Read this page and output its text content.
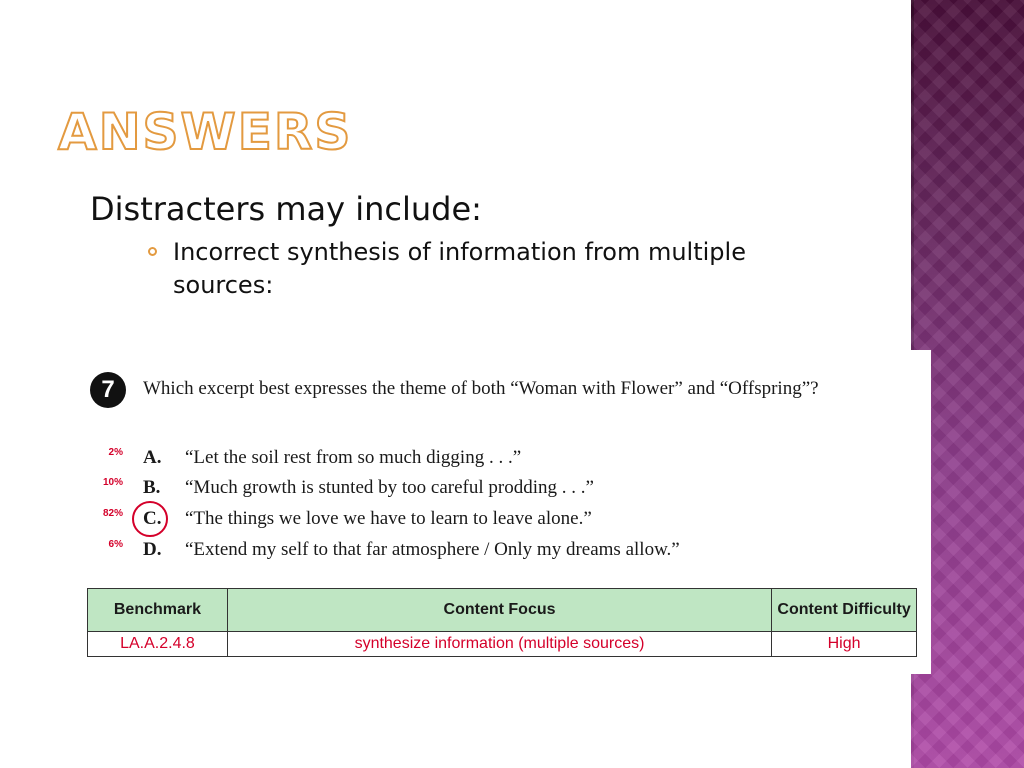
ANSWERS
Distracters may include:
Incorrect synthesis of information from multiple sources:
7	Which excerpt best expresses the theme of both “Woman with Flower” and “Offspring”?
2% A. “Let the soil rest from so much digging . . .”
10% B. “Much growth is stunted by too careful prodding . . .”
82% C. “The things we love we have to learn to leave alone.”
6% D. “Extend my self to that far atmosphere / Only my dreams allow.”
Benchmark	Content Focus	Content Difficulty
LA.A.2.4.8	synthesize information (multiple sources)	High
